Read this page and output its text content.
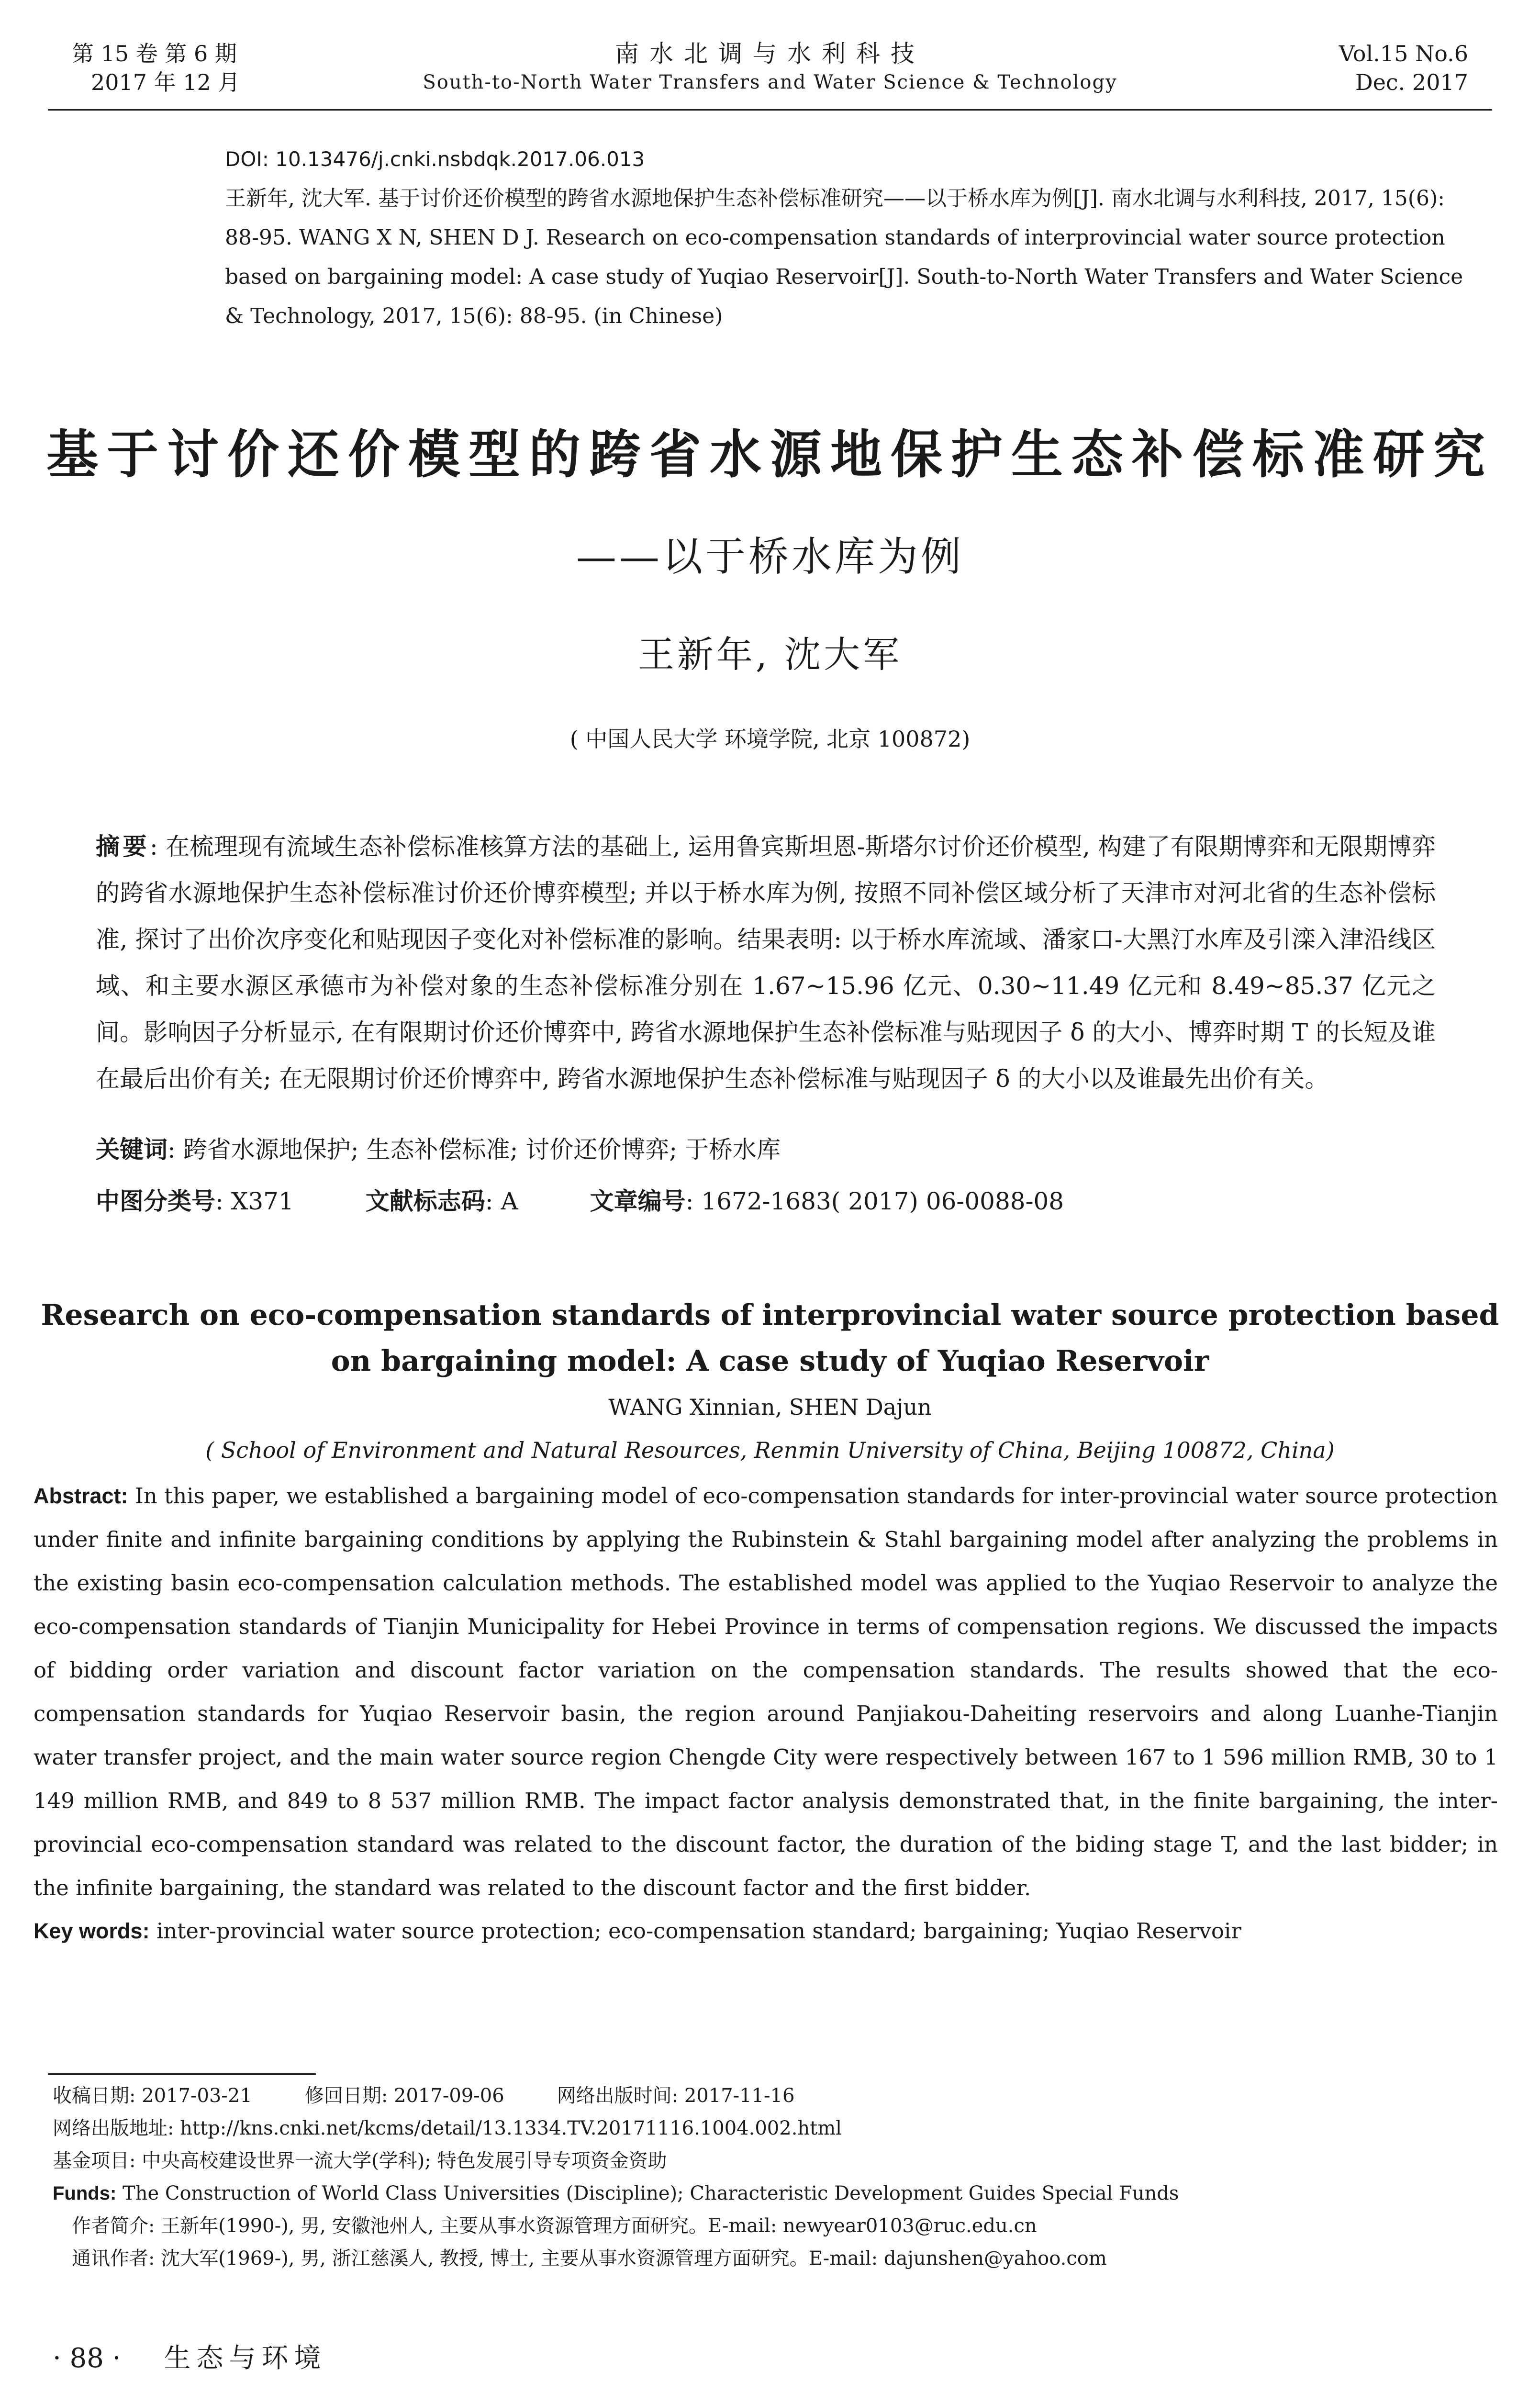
第 15 卷 第 6 期
2017 年 12 月
南水北调与水利科技
South-to-North Water Transfers and Water Science & Technology
Vol.15 No.6
Dec. 2017
DOI: 10.13476/j.cnki.nsbdqk.2017.06.013
王新年, 沈大军. 基于讨价还价模型的跨省水源地保护生态补偿标准研究——以于桥水库为例[J]. 南水北调与水利科技, 2017, 15(6): 88-95. WANG X N, SHEN D J. Research on eco-compensation standards of interprovincial water source protection based on bargaining model: A case study of Yuqiao Reservoir[J]. South-to-North Water Transfers and Water Science & Technology, 2017, 15(6): 88-95. (in Chinese)
基于讨价还价模型的跨省水源地保护生态补偿标准研究
——以于桥水库为例
王新年, 沈大军
( 中国人民大学 环境学院, 北京 100872)

摘要: 在梳理现有流域生态补偿标准核算方法的基础上, 运用鲁宾斯坦恩-斯塔尔讨价还价模型, 构建了有限期博弈和无限期博弈的跨省水源地保护生态补偿标准讨价还价博弈模型; 并以于桥水库为例, 按照不同补偿区域分析了天津市对河北省的生态补偿标准, 探讨了出价次序变化和贴现因子变化对补偿标准的影响。结果表明: 以于桥水库流域、潘家口-大黑汀水库及引滦入津沿线区域、和主要水源区承德市为补偿对象的生态补偿标准分别在 1.67~15.96 亿元、0.30~11.49 亿元和 8.49~85.37 亿元之间。影响因子分析显示, 在有限期讨价还价博弈中, 跨省水源地保护生态补偿标准与贴现因子 δ 的大小、博弈时期 T 的长短及谁在最后出价有关; 在无限期讨价还价博弈中, 跨省水源地保护生态补偿标准与贴现因子 δ 的大小以及谁最先出价有关。

关键词: 跨省水源地保护; 生态补偿标准; 讨价还价博弈; 于桥水库
中图分类号: X371	文献标志码: A	文章编号: 1672-1683( 2017) 06-0088-08
Research on eco-compensation standards of interprovincial water source protection based
on bargaining model: A case study of Yuqiao Reservoir
WANG Xinnian, SHEN Dajun
( School of Environment and Natural Resources, Renmin University of China, Beijing 100872, China)

Abstract: In this paper, we established a bargaining model of eco-compensation standards for inter-provincial water source protection under finite and infinite bargaining conditions by applying the Rubinstein & Stahl bargaining model after analyzing the problems in the existing basin eco-compensation calculation methods. The established model was applied to the Yuqiao Reservoir to analyze the eco-compensation standards of Tianjin Municipality for Hebei Province in terms of compensation regions. We discussed the impacts of bidding order variation and discount factor variation on the compensation standards. The results showed that the eco-compensation standards for Yuqiao Reservoir basin, the region around Panjiakou-Daheiting reservoirs and along Luanhe-Tianjin water transfer project, and the main water source region Chengde City were respectively between 167 to 1 596 million RMB, 30 to 1 149 million RMB, and 849 to 8 537 million RMB. The impact factor analysis demonstrated that, in the finite bargaining, the inter-provincial eco-compensation standard was related to the discount factor, the duration of the biding stage T, and the last bidder; in the infinite bargaining, the standard was related to the discount factor and the first bidder.

Key words: inter-provincial water source protection; eco-compensation standard; bargaining; Yuqiao Reservoir
收稿日期: 2017-03-21	修回日期: 2017-09-06	网络出版时间: 2017-11-16
网络出版地址: http://kns.cnki.net/kcms/detail/13.1334.TV.20171116.1004.002.html
基金项目: 中央高校建设世界一流大学(学科); 特色发展引导专项资金资助
Funds: The Construction of World Class Universities (Discipline); Characteristic Development Guides Special Funds
作者简介: 王新年(1990-), 男, 安徽池州人, 主要从事水资源管理方面研究。E-mail: newyear0103@ruc.edu.cn
通讯作者: 沈大军(1969-), 男, 浙江慈溪人, 教授, 博士, 主要从事水资源管理方面研究。E-mail: dajunshen@yahoo.com
· 88 · 生态与环境
